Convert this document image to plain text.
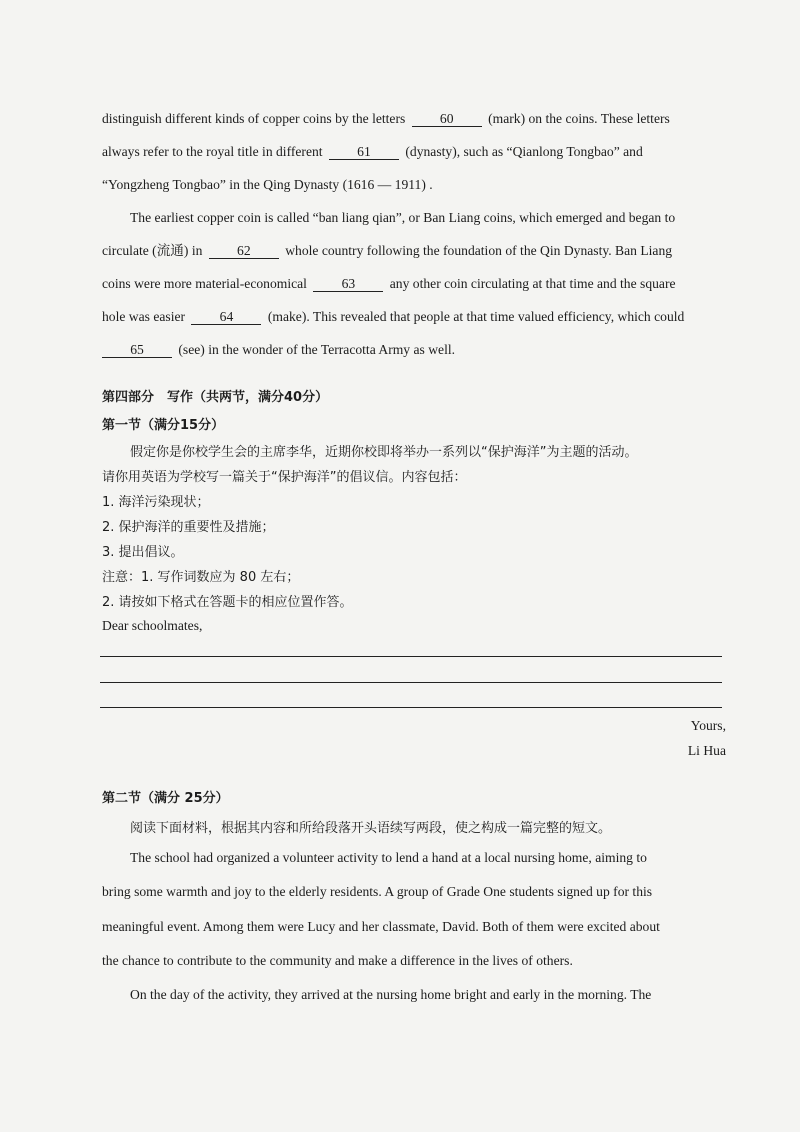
distinguish different kinds of copper coins by the letters	60	(mark) on the coins. These letters
always refer to the royal title in different	61	(dynasty), such as “Qianlong Tongbao” and
“Yongzheng Tongbao” in the Qing Dynasty (1616 — 1911) .
The earliest copper coin is called “ban liang qian”, or Ban Liang coins, which emerged and began to
circulate (流通) in	62	whole country following the foundation of the Qin Dynasty. Ban Liang
coins were more material-economical	63	any other coin circulating at that time and the square
hole was easier	64	(make). This revealed that people at that time valued efficiency, which could
65	(see) in the wonder of the Terracotta Army as well.
第四部分　写作（共两节，满分40分）
第一节（满分15分）
假定你是你校学生会的主席李华，近期你校即将举办一系列以“保护海洋”为主题的活动。
请你用英语为学校写一篇关于“保护海洋”的倡议信。内容包括：
1. 海洋污染现状；
2. 保护海洋的重要性及措施；
3. 提出倡议。
注意：1. 写作词数应为 80 左右；
2. 请按如下格式在答题卡的相应位置作答。
Dear schoolmates,
Yours,
Li Hua
第二节（满分 25分）
阅读下面材料，根据其内容和所给段落开头语续写两段，使之构成一篇完整的短文。
The school had organized a volunteer activity to lend a hand at a local nursing home, aiming to
bring some warmth and joy to the elderly residents. A group of Grade One students signed up for this
meaningful event. Among them were Lucy and her classmate, David. Both of them were excited about
the chance to contribute to the community and make a difference in the lives of others.
On the day of the activity, they arrived at the nursing home bright and early in the morning. The
